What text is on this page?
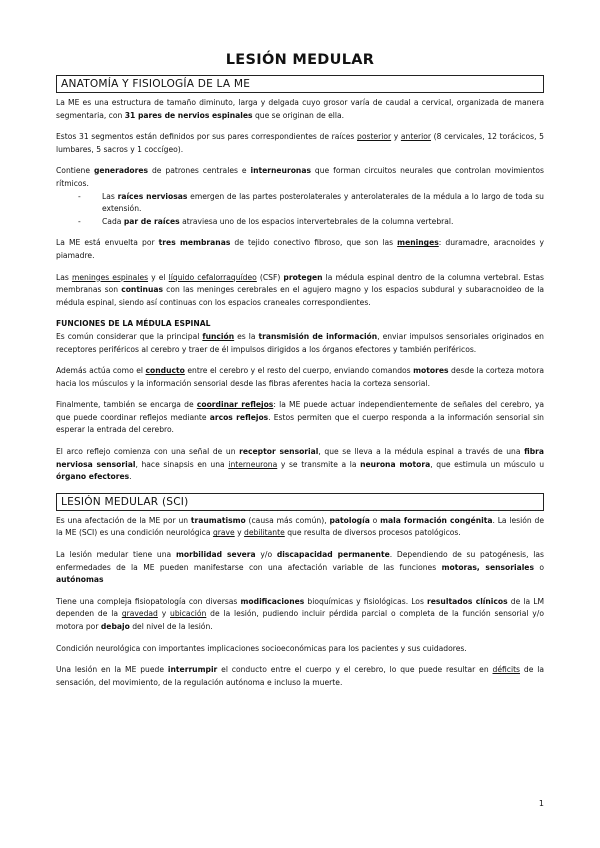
LESIÓN MEDULAR
ANATOMÍA Y FISIOLOGÍA DE LA ME

La ME es una estructura de tamaño diminuto, larga y delgada cuyo grosor varía de caudal a cervical, organizada de manera segmentaria, con 31 pares de nervios espinales que se originan de ella.

Estos 31 segmentos están definidos por sus pares correspondientes de raíces posterior y anterior (8 cervicales, 12 torácicos, 5 lumbares, 5 sacros y 1 coccígeo).

Contiene generadores de patrones centrales e interneuronas que forman circuitos neurales que controlan movimientos rítmicos.

- Las raíces nerviosas emergen de las partes posterolaterales y anterolaterales de la médula a lo largo de toda su extensión.
- Cada par de raíces atraviesa uno de los espacios intervertebrales de la columna vertebral.

La ME está envuelta por tres membranas de tejido conectivo fibroso, que son las meninges: duramadre, aracnoides y piamadre.

Las meninges espinales y el líquido cefalorraquídeo (CSF) protegen la médula espinal dentro de la columna vertebral. Estas membranas son continuas con las meninges cerebrales en el agujero magno y los espacios subdural y subaracnoideo de la médula espinal, siendo así continuas con los espacios craneales correspondientes.

FUNCIONES DE LA MÉDULA ESPINAL

Es común considerar que la principal función es la transmisión de información, enviar impulsos sensoriales originados en receptores periféricos al cerebro y traer de él impulsos dirigidos a los órganos efectores y también periféricos.

Además actúa como el conducto entre el cerebro y el resto del cuerpo, enviando comandos motores desde la corteza motora hacia los músculos y la información sensorial desde las fibras aferentes hacia la corteza sensorial.

Finalmente, también se encarga de coordinar reflejos: la ME puede actuar independientemente de señales del cerebro, ya que puede coordinar reflejos mediante arcos reflejos. Estos permiten que el cuerpo responda a la información sensorial sin esperar la entrada del cerebro.

El arco reflejo comienza con una señal de un receptor sensorial, que se lleva a la médula espinal a través de una fibra nerviosa sensorial, hace sinapsis en una interneurona y se transmite a la neurona motora, que estimula un músculo u órgano efectores.

LESIÓN MEDULAR (SCI)

Es una afectación de la ME por un traumatismo (causa más común), patología o mala formación congénita. La lesión de la ME (SCI) es una condición neurológica grave y debilitante que resulta de diversos procesos patológicos.

La lesión medular tiene una morbilidad severa y/o discapacidad permanente. Dependiendo de su patogénesis, las enfermedades de la ME pueden manifestarse con una afectación variable de las funciones motoras, sensoriales o autónomas

Tiene una compleja fisiopatología con diversas modificaciones bioquímicas y fisiológicas. Los resultados clínicos de la LM dependen de la gravedad y ubicación de la lesión, pudiendo incluir pérdida parcial o completa de la función sensorial y/o motora por debajo del nivel de la lesión.

Condición neurológica con importantes implicaciones socioeconómicas para los pacientes y sus cuidadores.

Una lesión en la ME puede interrumpir el conducto entre el cuerpo y el cerebro, lo que puede resultar en déficits de la sensación, del movimiento, de la regulación autónoma e incluso la muerte.

1
